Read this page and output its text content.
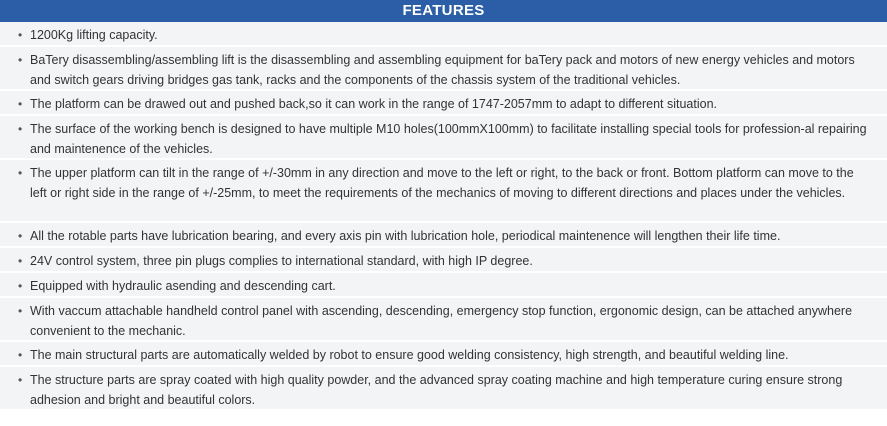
FEATURES
• 1200Kg lifting capacity.
• BaTery disassembling/assembling lift is the disassembling and assembling equipment for baTery pack and motors of new energy vehicles and motors and switch gears driving bridges gas tank, racks and the components of the chassis system of the traditional vehicles.
• The platform can be drawed out and pushed back,so it can work in the range of 1747-2057mm to adapt to different situation.
• The surface of the working bench is designed to have multiple M10 holes(100mmX100mm) to facilitate installing special tools for profession-al repairing and maintenence of the vehicles.
• The upper platform can tilt in the range of +/-30mm in any direction and move to the left or right, to the back or front. Bottom platform can move to the left or right side in the range of +/-25mm, to meet the requirements of the mechanics of moving to different directions and places under the vehicles.
• All the rotable parts have lubrication bearing, and every axis pin with lubrication hole, periodical maintenence will lengthen their life time.
• 24V control system, three pin plugs complies to international standard, with high IP degree.
• Equipped with hydraulic asending and descending cart.
• With vaccum attachable handheld control panel with ascending, descending, emergency stop function, ergonomic design, can be attached anywhere convenient to the mechanic.
• The main structural parts are automatically welded by robot to ensure good welding consistency, high strength, and beautiful welding line.
• The structure parts are spray coated with high quality powder, and the advanced spray coating machine and high temperature curing ensure strong adhesion and bright and beautiful colors.
